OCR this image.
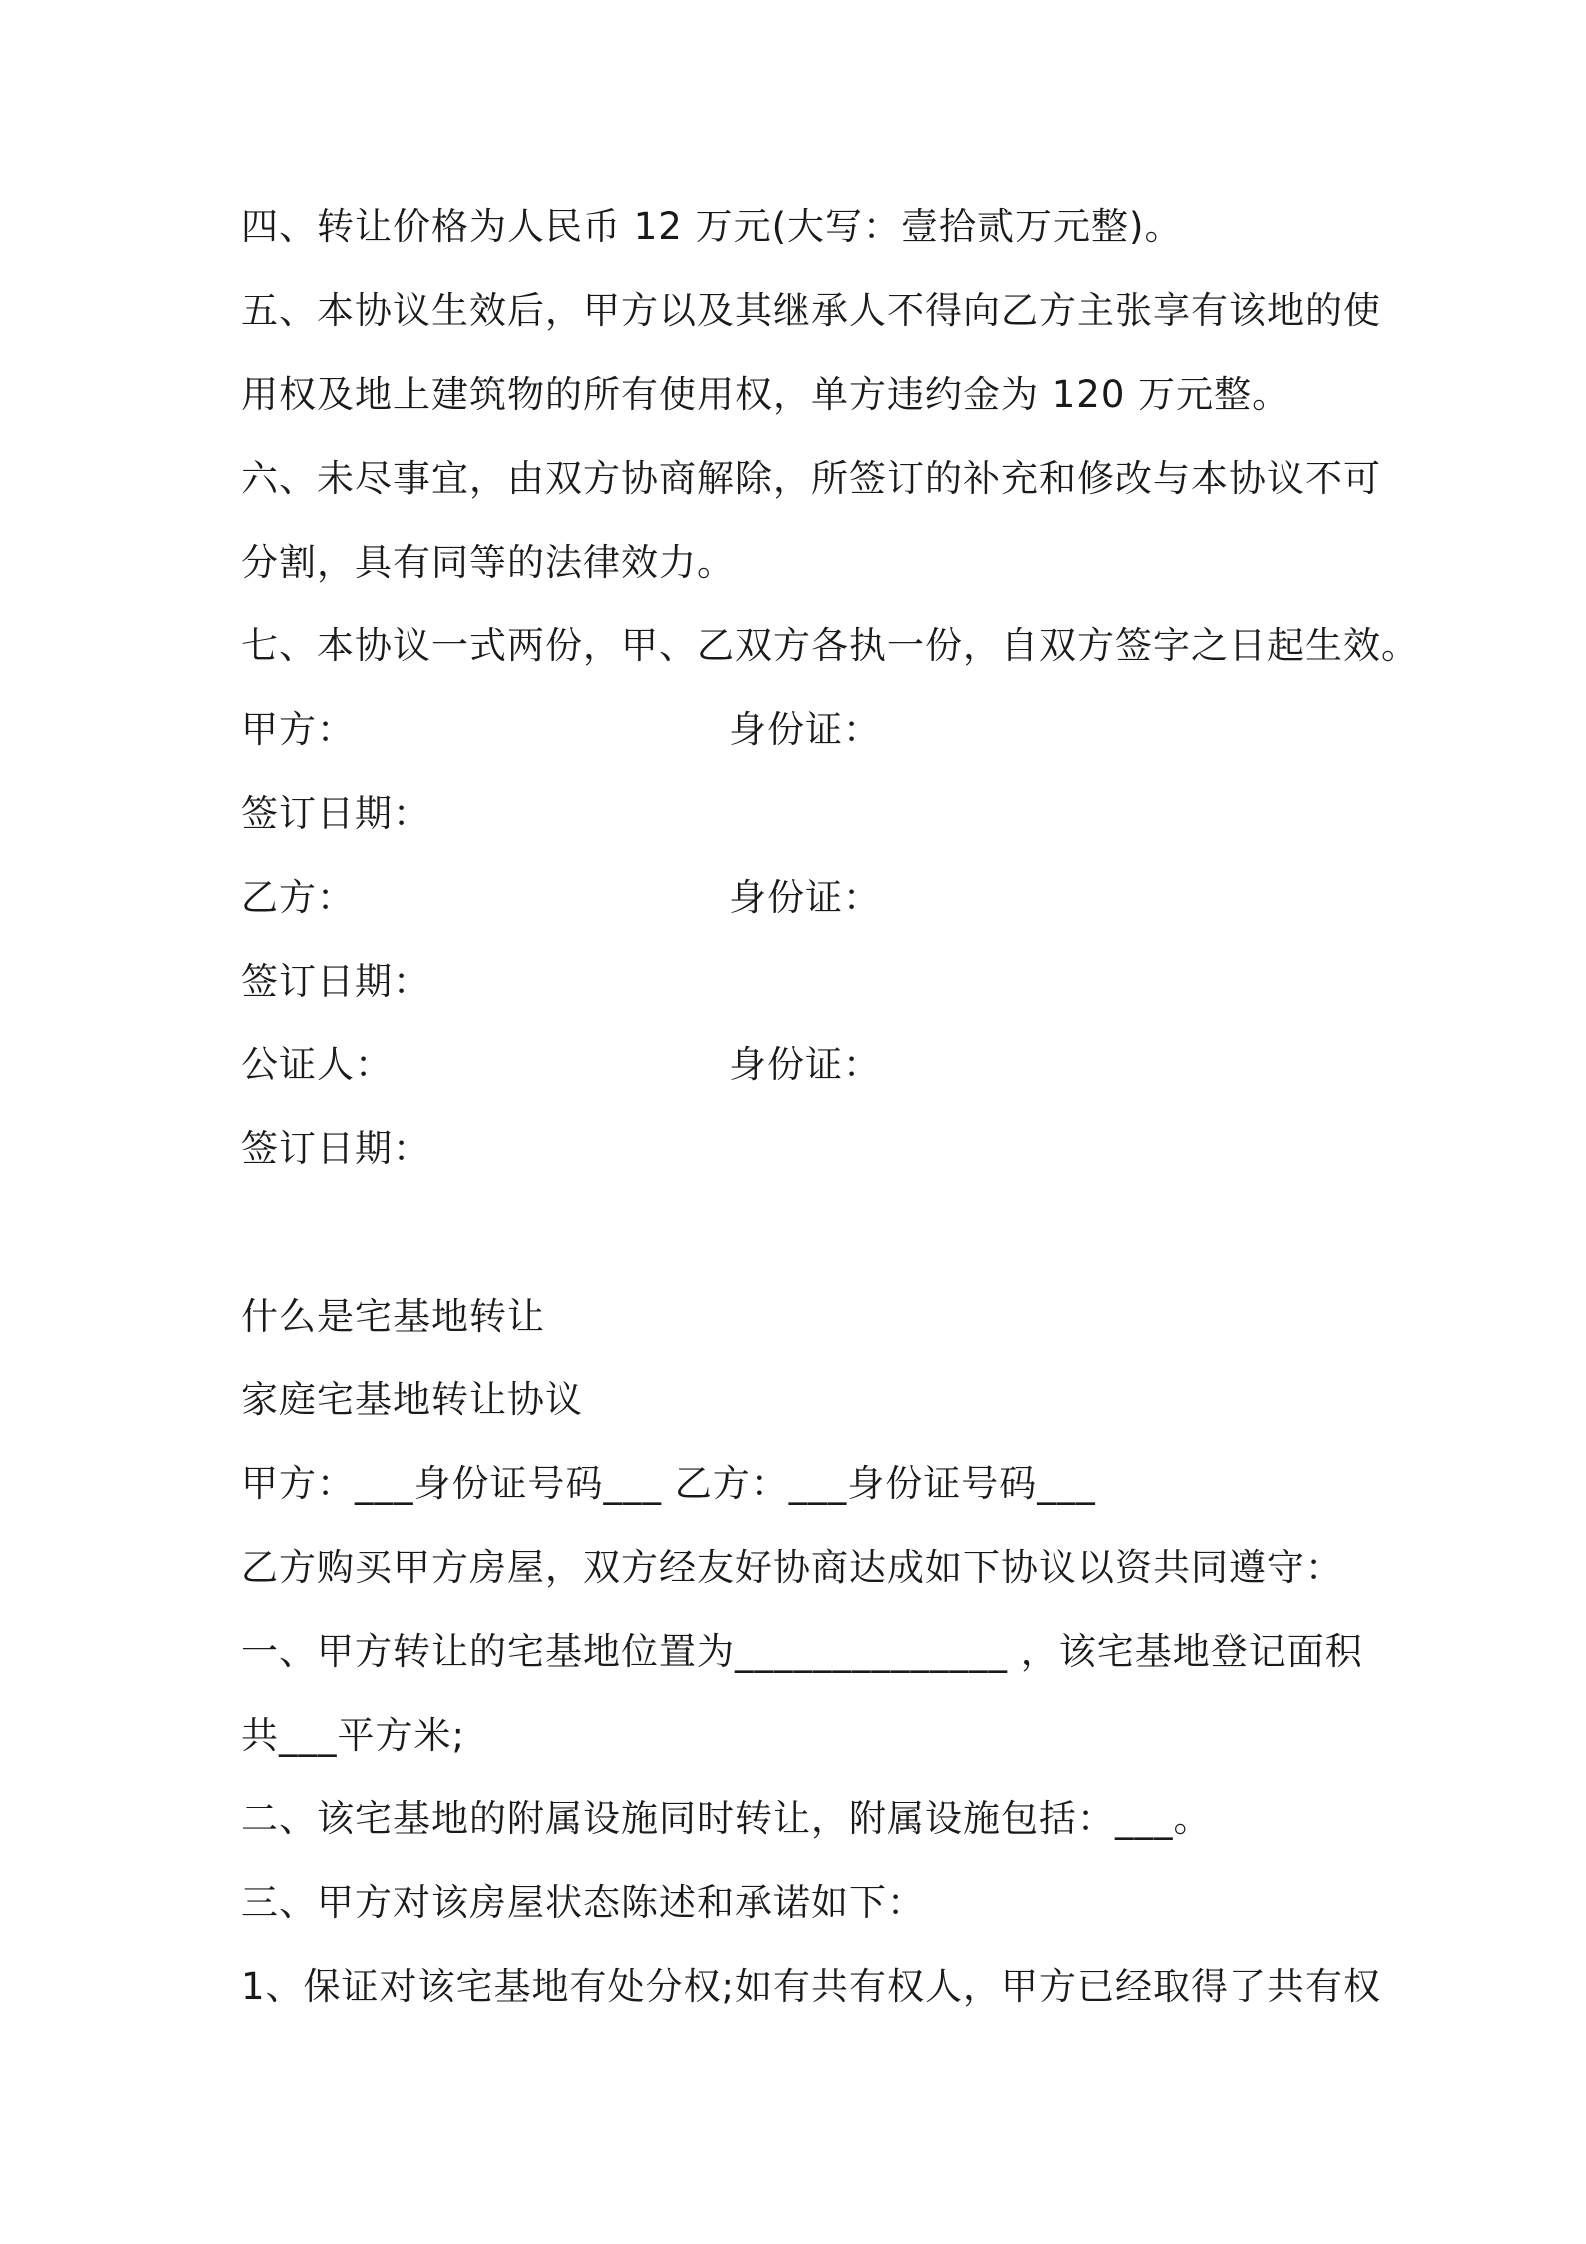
四、转让价格为人民币 12 万元(大写：壹拾贰万元整)。
五、本协议生效后，甲方以及其继承人不得向乙方主张享有该地的使
用权及地上建筑物的所有使用权，单方违约金为 120 万元整。
六、未尽事宜，由双方协商解除，所签订的补充和修改与本协议不可
分割，具有同等的法律效力。
七、本协议一式两份，甲、乙双方各执一份，自双方签字之日起生效。
甲方：	身份证：
签订日期：
乙方：	身份证：
签订日期：
公证人：	身份证：
签订日期：
什么是宅基地转让
家庭宅基地转让协议
甲方：___身份证号码___ 乙方：___身份证号码___
乙方购买甲方房屋，双方经友好协商达成如下协议以资共同遵守：
一、甲方转让的宅基地位置为______________ ，该宅基地登记面积
共___平方米;
二、该宅基地的附属设施同时转让，附属设施包括：___。
三、甲方对该房屋状态陈述和承诺如下：
1、保证对该宅基地有处分权;如有共有权人，甲方已经取得了共有权
